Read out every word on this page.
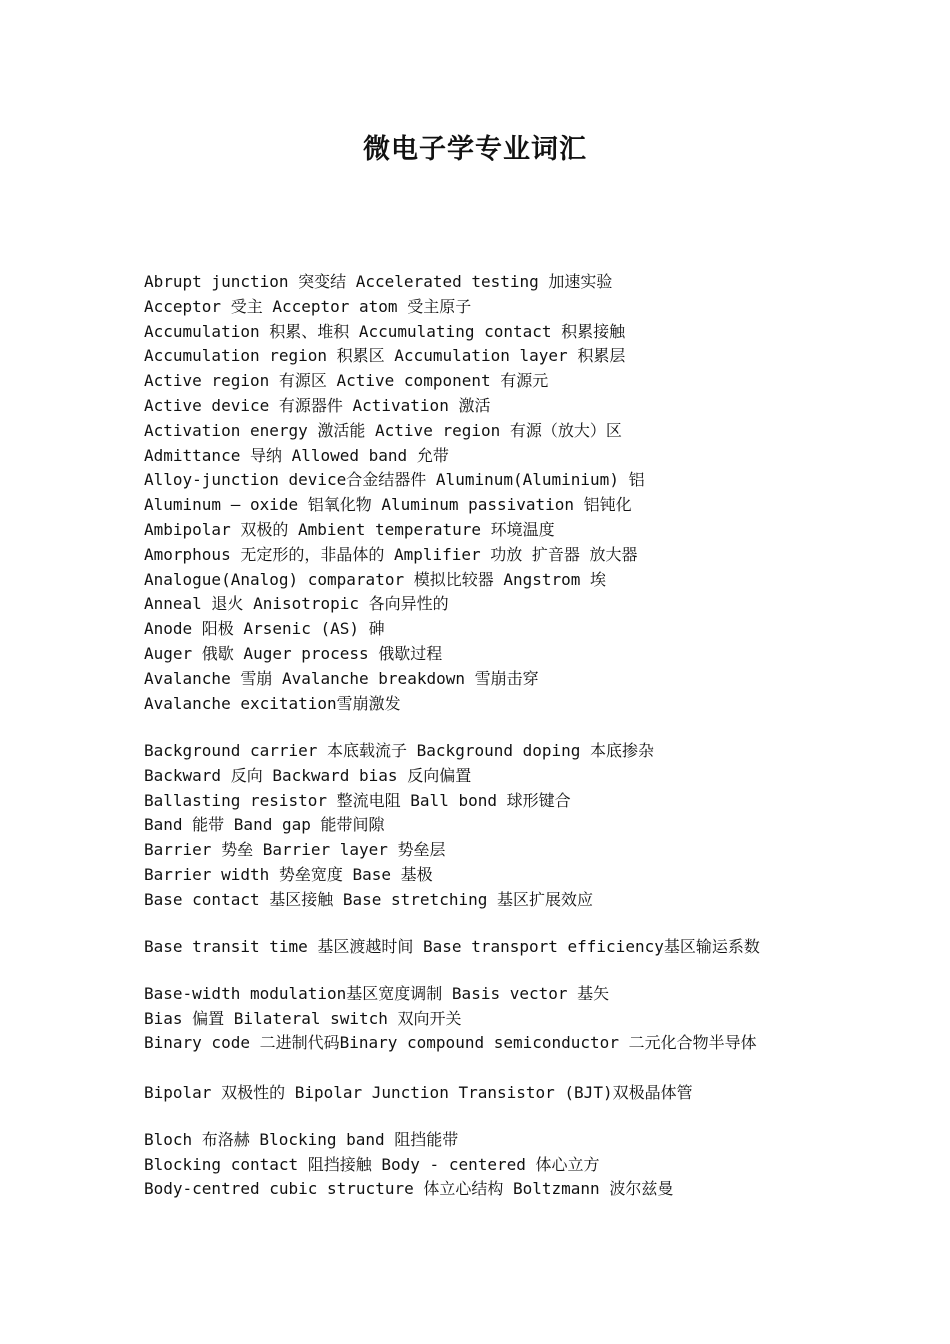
微电子学专业词汇
Abrupt junction 突变结 Accelerated testing 加速实验
Acceptor 受主 Acceptor atom 受主原子
Accumulation 积累、堆积 Accumulating contact 积累接触
Accumulation region 积累区 Accumulation layer 积累层
Active region 有源区 Active component 有源元
Active device 有源器件 Activation 激活
Activation energy 激活能 Active region 有源（放大）区
Admittance 导纳 Allowed band 允带
Alloy-junction device合金结器件 Aluminum(Aluminium) 铝
Aluminum – oxide 铝氧化物 Aluminum passivation 铝钝化
Ambipolar 双极的 Ambient temperature 环境温度
Amorphous 无定形的，非晶体的 Amplifier 功放 扩音器 放大器
Analogue(Analog) comparator 模拟比较器 Angstrom 埃
Anneal 退火 Anisotropic 各向异性的
Anode 阳极 Arsenic (AS) 砷
Auger 俄歇 Auger process 俄歇过程
Avalanche 雪崩 Avalanche breakdown 雪崩击穿
Avalanche excitation雪崩激发
Background carrier 本底载流子 Background doping 本底掺杂
Backward 反向 Backward bias 反向偏置
Ballasting resistor 整流电阻 Ball bond 球形键合
Band 能带 Band gap 能带间隙
Barrier 势垒 Barrier layer 势垒层
Barrier width 势垒宽度 Base 基极
Base contact 基区接触 Base stretching 基区扩展效应
Base transit time 基区渡越时间 Base transport efficiency基区输运系数
Base-width modulation基区宽度调制 Basis vector 基矢
Bias 偏置 Bilateral switch 双向开关
Binary code 二进制代码Binary compound semiconductor 二元化合物半导体
Bipolar 双极性的 Bipolar Junction Transistor (BJT)双极晶体管
Bloch 布洛赫 Blocking band 阻挡能带
Blocking contact 阻挡接触 Body - centered 体心立方
Body-centred cubic structure 体立心结构 Boltzmann 波尔兹曼
